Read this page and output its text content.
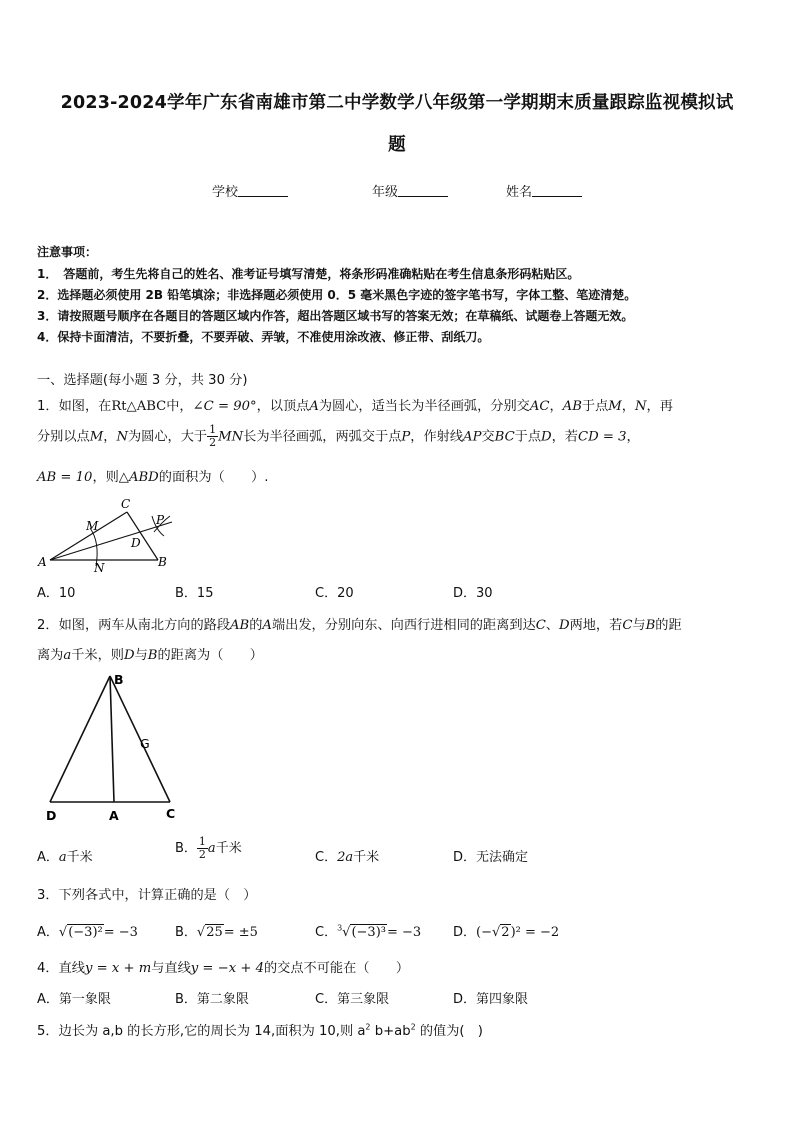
2023-2024学年广东省南雄市第二中学数学八年级第一学期期末质量跟踪监视模拟试
题
学校	年级	姓名
注意事项：
1．　答题前，考生先将自己的姓名、准考证号填写清楚，将条形码准确粘贴在考生信息条形码粘贴区。
2．选择题必须使用 2B 铅笔填涂；非选择题必须使用 0．5 毫米黑色字迹的签字笔书写，字体工整、笔迹清楚。
3．请按照题号顺序在各题目的答题区域内作答，超出答题区域书写的答案无效；在草稿纸、试题卷上答题无效。
4．保持卡面清洁，不要折叠，不要弄破、弄皱，不准使用涂改液、修正带、刮纸刀。
一、选择题(每小题 3 分，共 30 分)
1．如图，在Rt△ABC中，∠C = 90°，以顶点A为圆心，适当长为半径画弧，分别交AC，AB于点M，N，再
分别以点M，N为圆心，大于 $\frac{1}{2}$ MN长为半径画弧，两弧交于点P，作射线AP交BC于点D，若CD = 3，
AB = 10，则△ABD的面积为（　　）.
A	B
C
D
M
N
P
A．10	B．15	C．20	D．30
2．如图，两车从南北方向的路段AB的A端出发，分别向东、向西行进相同的距离到达C、D两地，若C与B的距
离为a千米，则D与B的距离为（　　）
B
G
D	A	C
A．a千米
B． $\frac{1}{2}$ a千米
C．2a千米	D．无法确定
3．下列各式中，计算正确的是（　）
A．√(−3)²= −3	B．√25= ±5	C．$^3$√(−3)³= −3 D．(−√2)² = −2
4．直线y = x + m与直线y = −x + 4的交点不可能在（　　）
A．第一象限	B．第二象限	C．第三象限	D．第四象限
5．边长为 a,b 的长方形,它的周长为 14,面积为 10,则 $a^2$ $b+ab^2$ 的值为(　)
